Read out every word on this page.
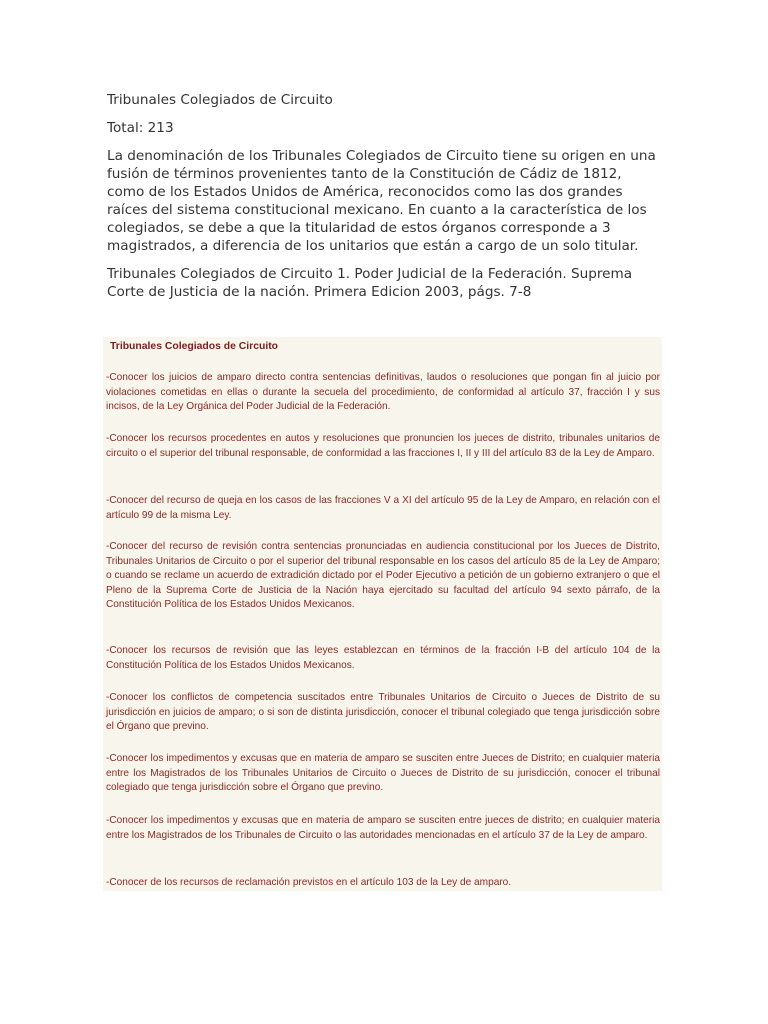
Tribunales Colegiados de Circuito

Total: 213

La denominación de los Tribunales Colegiados de Circuito tiene su origen en una fusión de términos provenientes tanto de la Constitución de Cádiz de 1812, como de los Estados Unidos de América, reconocidos como las dos grandes raíces del sistema constitucional mexicano. En cuanto a la característica de los colegiados, se debe a que la titularidad de estos órganos corresponde a 3 magistrados, a diferencia de los unitarios que están a cargo de un solo titular.

Tribunales Colegiados de Circuito 1. Poder Judicial de la Federación. Suprema Corte de Justicia de la nación. Primera Edicion 2003, págs. 7-8

Tribunales Colegiados de Circuito

-Conocer los juicios de amparo directo contra sentencias definitivas, laudos o resoluciones que pongan fin al juicio por violaciones cometidas en ellas o durante la secuela del procedimiento, de conformidad al artículo 37, fracción I y sus incisos, de la Ley Orgánica del Poder Judicial de la Federación.

-Conocer los recursos procedentes en autos y resoluciones que pronuncien los jueces de distrito, tribunales unitarios de circuito o el superior del tribunal responsable, de conformidad a las fracciones I, II y III del artículo 83 de la Ley de Amparo.

-Conocer del recurso de queja en los casos de las fracciones V a XI del artículo 95 de la Ley de Amparo, en relación con el artículo 99 de la misma Ley.

-Conocer del recurso de revisión contra sentencias pronunciadas en audiencia constitucional por los Jueces de Distrito, Tribunales Unitarios de Circuito o por el superior del tribunal responsable en los casos del artículo 85 de la Ley de Amparo; o cuando se reclame un acuerdo de extradición dictado por el Poder Ejecutivo a petición de un gobierno extranjero o que el Pleno de la Suprema Corte de Justicia de la Nación haya ejercitado su facultad del artículo 94 sexto párrafo, de la Constitución Política de los Estados Unidos Mexicanos.

-Conocer los recursos de revisión que las leyes establezcan en términos de la fracción I-B del artículo 104 de la Constitución Política de los Estados Unidos Mexicanos.

-Conocer los conflictos de competencia suscitados entre Tribunales Unitarios de Circuito o Jueces de Distrito de su jurisdicción en juicios de amparo; o si son de distinta jurisdicción, conocer el tribunal colegiado que tenga jurisdicción sobre el Órgano que previno.

-Conocer los impedimentos y excusas que en materia de amparo se susciten entre Jueces de Distrito; en cualquier materia entre los Magistrados de los Tribunales Unitarios de Circuito o Jueces de Distrito de su jurisdicción, conocer el tribunal colegiado que tenga jurisdicción sobre el Órgano que previno.

-Conocer los impedimentos y excusas que en materia de amparo se susciten entre jueces de distrito; en cualquier materia entre los Magistrados de los Tribunales de Circuito o las autoridades mencionadas en el artículo 37 de la Ley de amparo.

-Conocer de los recursos de reclamación previstos en el artículo 103 de la Ley de amparo.
